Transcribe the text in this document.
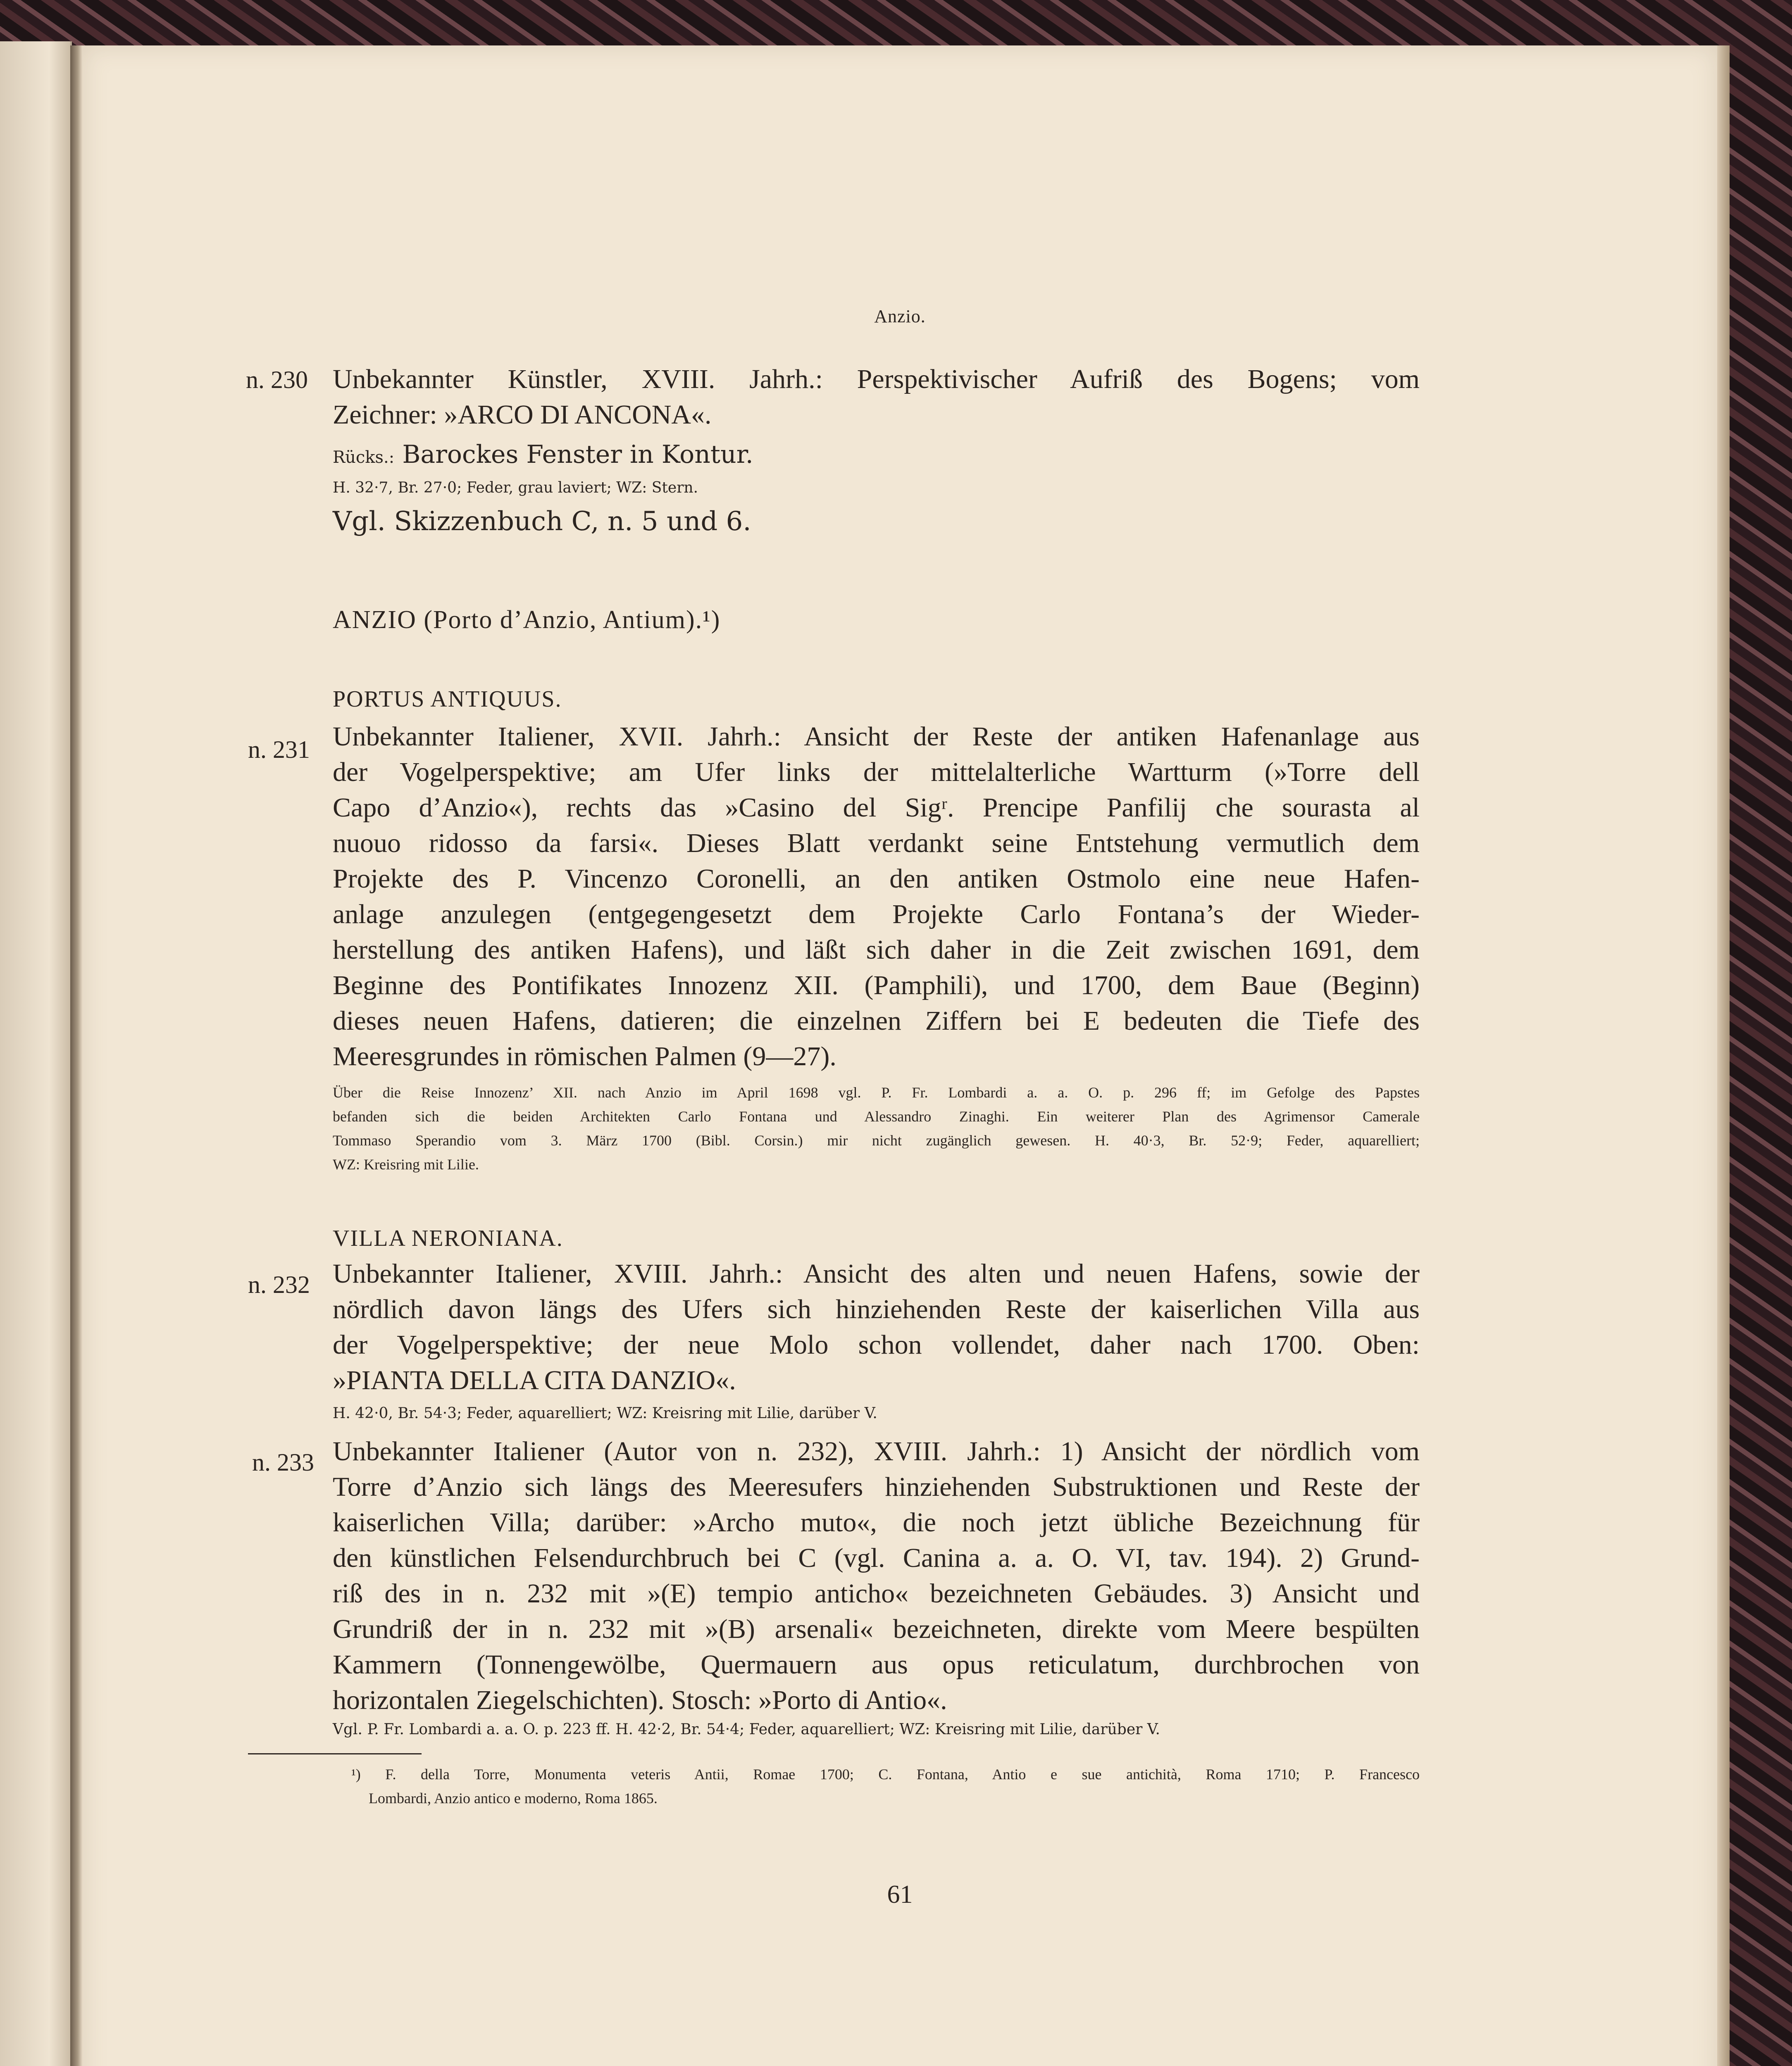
Anzio.
n. 230 Unbekannter Künstler, XVIII. Jahrh.: Perspektivischer Aufriß des Bogens; vom
Zeichner: »ARCO DI ANCONA«.
Rücks.: Barockes Fenster in Kontur.
H. 32·7, Br. 27·0; Feder, grau laviert; WZ: Stern.
Vgl. Skizzenbuch C, n. 5 und 6.
ANZIO (Porto d’Anzio, Antium).¹)
PORTUS ANTIQUUS.
n. 231 Unbekannter Italiener, XVII. Jahrh.: Ansicht der Reste der antiken Hafenanlage aus
der Vogelperspektive; am Ufer links der mittelalterliche Wartturm (»Torre dell
Capo d’Anzio«), rechts das »Casino del Sigʳ. Prencipe Panfilij che sourasta al
nuouo ridosso da farsi«. Dieses Blatt verdankt seine Entstehung vermutlich dem
Projekte des P. Vincenzo Coronelli, an den antiken Ostmolo eine neue Hafen-
anlage anzulegen (entgegengesetzt dem Projekte Carlo Fontana’s der Wieder-
herstellung des antiken Hafens), und läßt sich daher in die Zeit zwischen 1691, dem
Beginne des Pontifikates Innozenz XII. (Pamphili), und 1700, dem Baue (Beginn)
dieses neuen Hafens, datieren; die einzelnen Ziffern bei E bedeuten die Tiefe des
Meeresgrundes in römischen Palmen (9—27).
Über die Reise Innozenz’ XII. nach Anzio im April 1698 vgl. P. Fr. Lombardi a. a. O. p. 296 ff; im Gefolge des Papstes
befanden sich die beiden Architekten Carlo Fontana und Alessandro Zinaghi. Ein weiterer Plan des Agrimensor Camerale
Tommaso Sperandio vom 3. März 1700 (Bibl. Corsin.) mir nicht zugänglich gewesen. H. 40·3, Br. 52·9; Feder, aquarelliert;
WZ: Kreisring mit Lilie.
VILLA NERONIANA.
n. 232 Unbekannter Italiener, XVIII. Jahrh.: Ansicht des alten und neuen Hafens, sowie der
nördlich davon längs des Ufers sich hinziehenden Reste der kaiserlichen Villa aus
der Vogelperspektive; der neue Molo schon vollendet, daher nach 1700. Oben:
»PIANTA DELLA CITA DANZIO«.
H. 42·0, Br. 54·3; Feder, aquarelliert; WZ: Kreisring mit Lilie, darüber V.
n. 233 Unbekannter Italiener (Autor von n. 232), XVIII. Jahrh.: 1) Ansicht der nördlich vom
Torre d’Anzio sich längs des Meeresufers hinziehenden Substruktionen und Reste der
kaiserlichen Villa; darüber: »Archo muto«, die noch jetzt übliche Bezeichnung für
den künstlichen Felsendurchbruch bei C (vgl. Canina a. a. O. VI, tav. 194). 2) Grund-
riß des in n. 232 mit »(E) tempio anticho« bezeichneten Gebäudes. 3) Ansicht und
Grundriß der in n. 232 mit »(B) arsenali« bezeichneten, direkte vom Meere bespülten
Kammern (Tonnengewölbe, Quermauern aus opus reticulatum, durchbrochen von
horizontalen Ziegelschichten). Stosch: »Porto di Antio«.
Vgl. P. Fr. Lombardi a. a. O. p. 223 ff. H. 42·2, Br. 54·4; Feder, aquarelliert; WZ: Kreisring mit Lilie, darüber V.
¹) F. della Torre, Monumenta veteris Antii, Romae 1700; C. Fontana, Antio e sue antichità, Roma 1710; P. Francesco
Lombardi, Anzio antico e moderno, Roma 1865.
61
